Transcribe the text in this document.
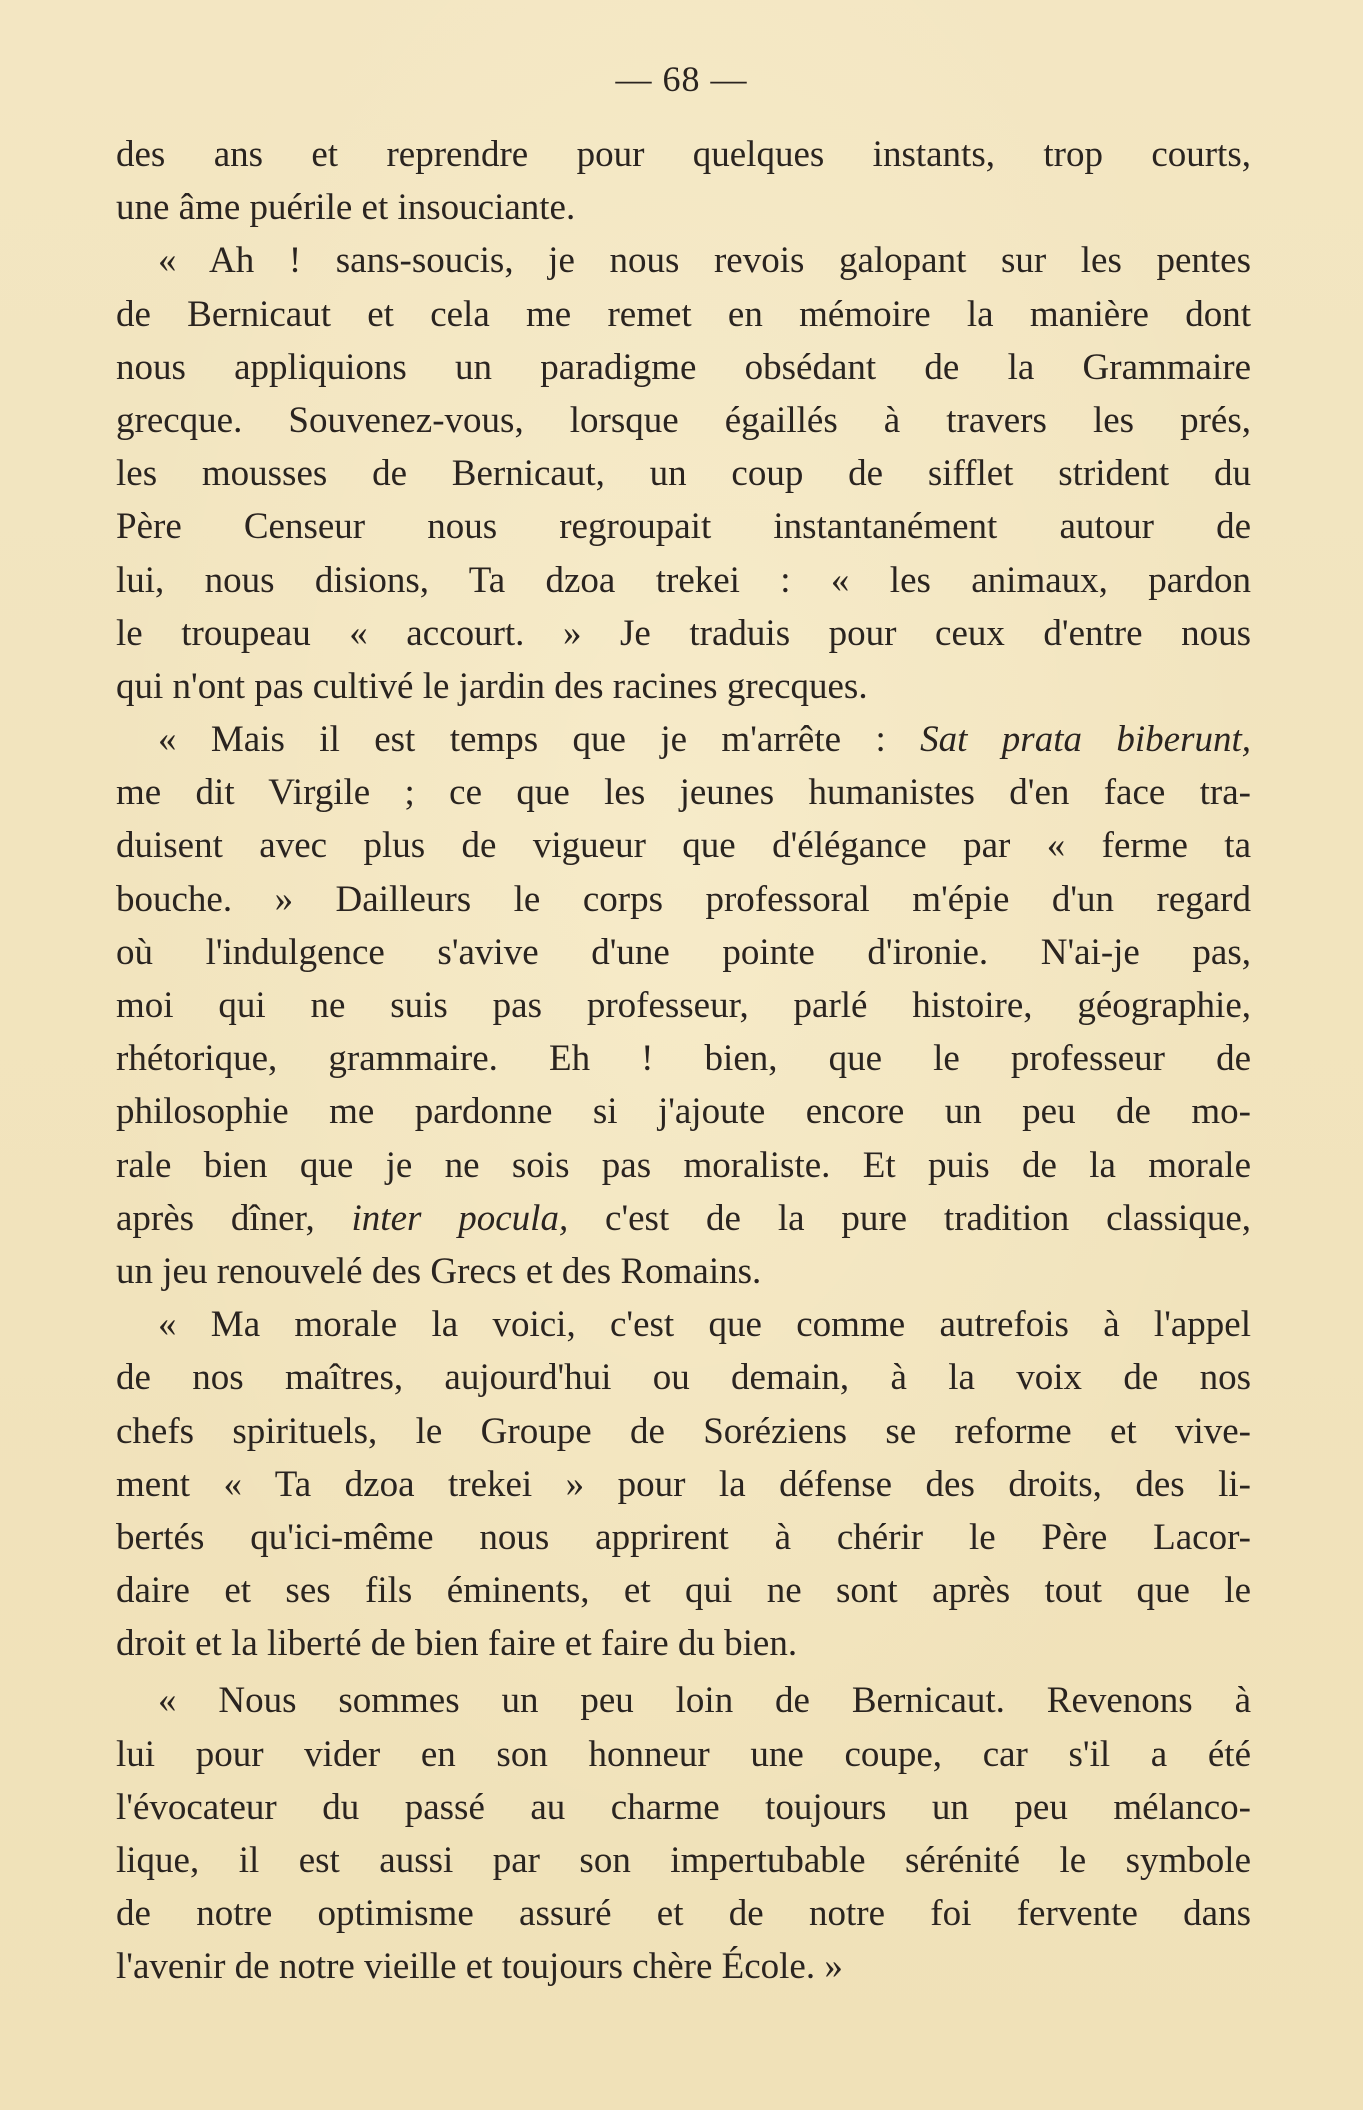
— 68 —
des ans et reprendre pour quelques instants, trop courts,
une âme puérile et insouciante.
« Ah ! sans-soucis, je nous revois galopant sur les pentes
de Bernicaut et cela me remet en mémoire la manière dont
nous appliquions un paradigme obsédant de la Grammaire
grecque. Souvenez-vous, lorsque égaillés à travers les prés,
les mousses de Bernicaut, un coup de sifflet strident du
Père Censeur nous regroupait instantanément autour de
lui, nous disions, Ta dzoa trekei : « les animaux, pardon
le troupeau « accourt. » Je traduis pour ceux d'entre nous
qui n'ont pas cultivé le jardin des racines grecques.
« Mais il est temps que je m'arrête : Sat prata biberunt,
me dit Virgile ; ce que les jeunes humanistes d'en face tra-
duisent avec plus de vigueur que d'élégance par « ferme ta
bouche. » Dailleurs le corps professoral m'épie d'un regard
où l'indulgence s'avive d'une pointe d'ironie. N'ai-je pas,
moi qui ne suis pas professeur, parlé histoire, géographie,
rhétorique, grammaire. Eh ! bien, que le professeur de
philosophie me pardonne si j'ajoute encore un peu de mo-
rale bien que je ne sois pas moraliste. Et puis de la morale
après dîner, inter pocula, c'est de la pure tradition classique,
un jeu renouvelé des Grecs et des Romains.
« Ma morale la voici, c'est que comme autrefois à l'appel
de nos maîtres, aujourd'hui ou demain, à la voix de nos
chefs spirituels, le Groupe de Soréziens se reforme et vive-
ment « Ta dzoa trekei » pour la défense des droits, des li-
bertés qu'ici-même nous apprirent à chérir le Père Lacor-
daire et ses fils éminents, et qui ne sont après tout que le
droit et la liberté de bien faire et faire du bien.
« Nous sommes un peu loin de Bernicaut. Revenons à
lui pour vider en son honneur une coupe, car s'il a été
l'évocateur du passé au charme toujours un peu mélanco-
lique, il est aussi par son impertubable sérénité le symbole
de notre optimisme assuré et de notre foi fervente dans
l'avenir de notre vieille et toujours chère École. »
